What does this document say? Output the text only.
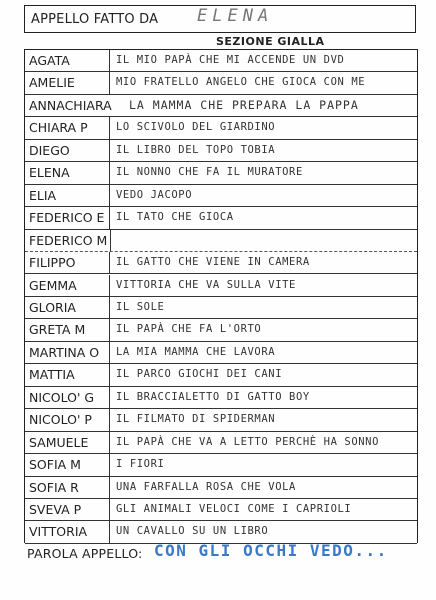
APPELLO FATTO DA ELENA
SEZIONE GIALLA
AGATA	IL MIO PAPÀ CHE MI ACCENDE UN DVD
AMELIE	MIO FRATELLO ANGELO CHE GIOCA CON ME
ANNACHIARA LA MAMMA CHE PREPARA LA PAPPA
CHIARA P	LO SCIVOLO DEL GIARDINO
DIEGO	IL LIBRO DEL TOPO TOBIA
ELENA	IL NONNO CHE FA IL MURATORE
ELIA	VEDO JACOPO
FEDERICO E	IL TATO CHE GIOCA
FEDERICO M
FILIPPO	IL GATTO CHE VIENE IN CAMERA
GEMMA	VITTORIA CHE VA SULLA VITE
GLORIA	IL SOLE
GRETA M	IL PAPÀ CHE FA L'ORTO
MARTINA O	LA MIA MAMMA CHE LAVORA
MATTIA	IL PARCO GIOCHI DEI CANI
NICOLO' G	IL BRACCIALETTO DI GATTO BOY
NICOLO' P	IL FILMATO DI SPIDERMAN
SAMUELE	IL PAPÀ CHE VA A LETTO PERCHÈ HA SONNO
SOFIA M	I FIORI
SOFIA R	UNA FARFALLA ROSA CHE VOLA
SVEVA P	GLI ANIMALI VELOCI COME I CAPRIOLI
VITTORIA	UN CAVALLO SU UN LIBRO
PAROLA APPELLO: CON GLI OCCHI VEDO...
